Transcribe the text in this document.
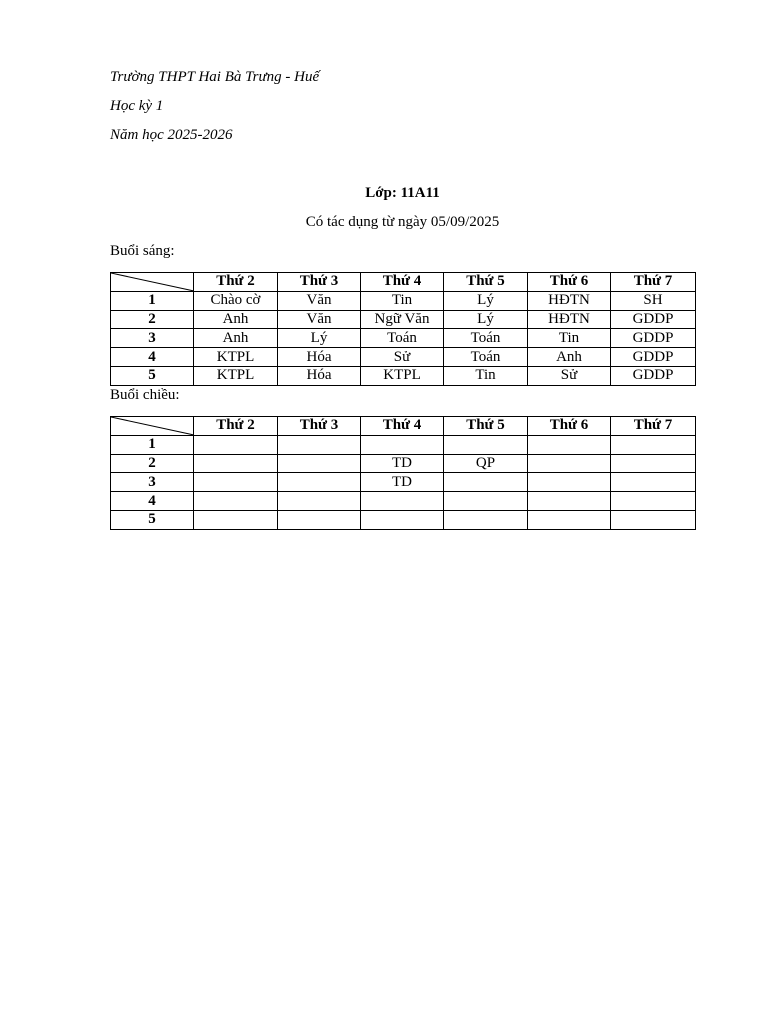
Trường THPT Hai Bà Trưng - Huế
Học kỳ 1
Năm học 2025-2026
Lớp: 11A11
Có tác dụng từ ngày 05/09/2025
Buổi sáng:
	Thứ 2	Thứ 3	Thứ 4	Thứ 5	Thứ 6	Thứ 7
1	Chào cờ	Văn	Tin	Lý	HĐTN	SH
2	Anh	Văn	Ngữ Văn	Lý	HĐTN	GDDP
3	Anh	Lý	Toán	Toán	Tin	GDDP
4	KTPL	Hóa	Sử	Toán	Anh	GDDP
5	KTPL	Hóa	KTPL	Tin	Sử	GDDP
Buổi chiều:
	Thứ 2	Thứ 3	Thứ 4	Thứ 5	Thứ 6	Thứ 7
1						
2			TD	QP		
3			TD			
4						
5						
